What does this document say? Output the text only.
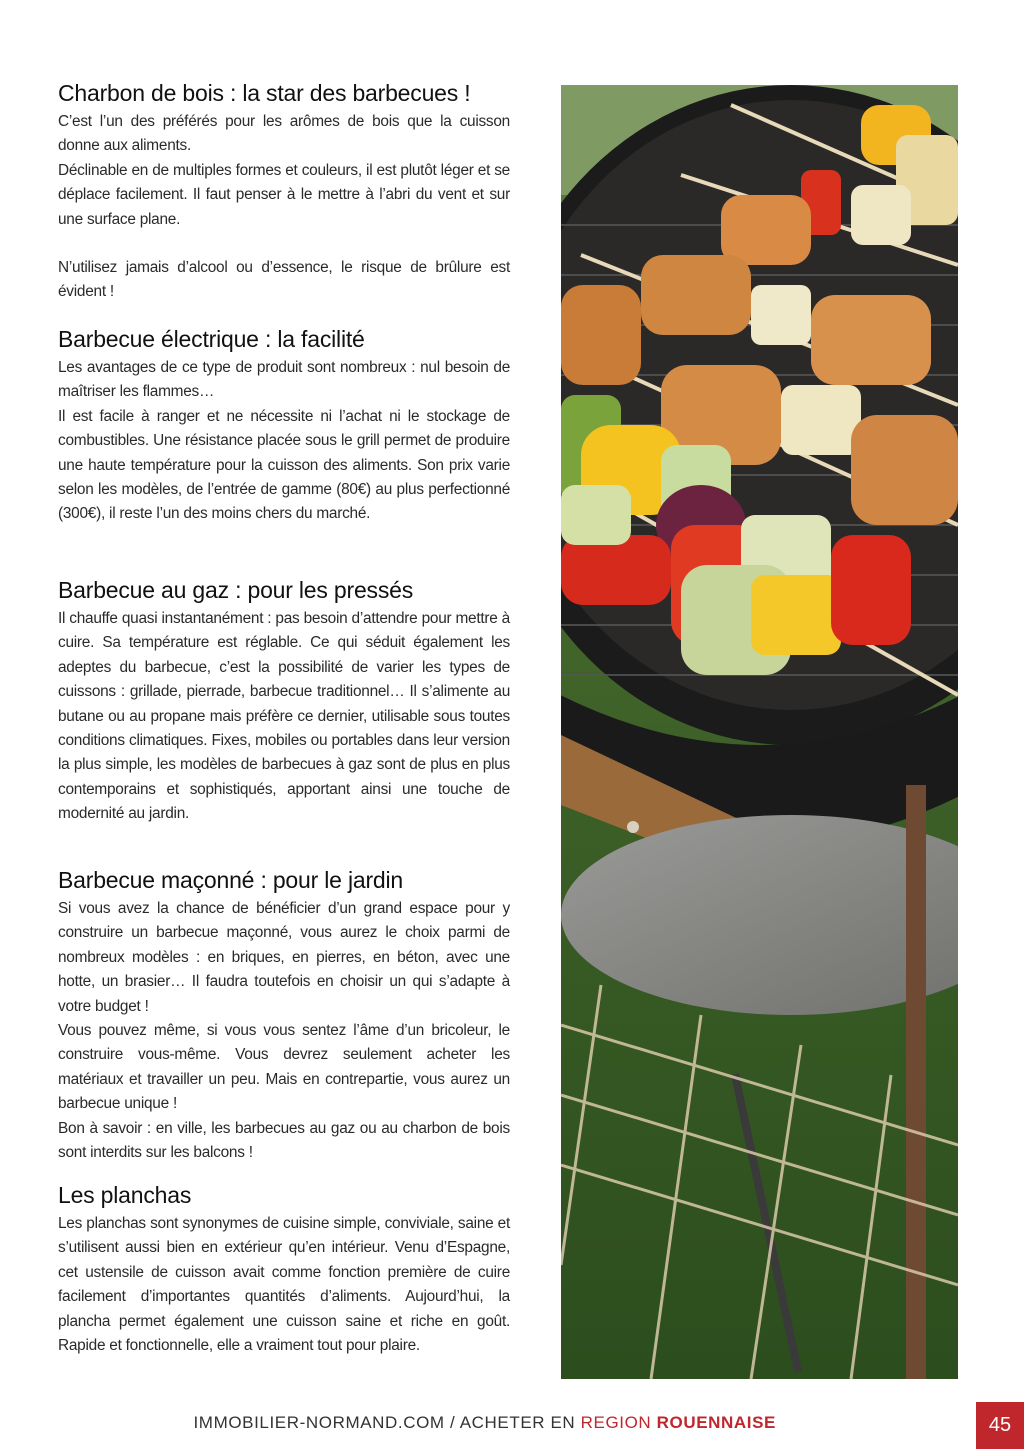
Charbon de bois : la star des barbecues !

C’est l’un des préférés pour les arômes de bois que la cuisson donne aux aliments.

Déclinable en de multiples formes et couleurs, il est plutôt léger et se déplace facilement. Il faut penser à le mettre à l’abri du vent et sur une surface plane.

N’utilisez jamais d’alcool ou d’essence, le risque de brûlure est évident !

Barbecue électrique : la facilité

Les avantages de ce type de produit sont nombreux : nul besoin de maîtriser les flammes…

Il est facile à ranger et ne nécessite ni l’achat ni le stockage de combustibles. Une résistance placée sous le grill permet de produire une haute température pour la cuisson des aliments. Son prix varie selon les modèles, de l’entrée de gamme (80€) au plus perfectionné (300€), il reste l’un des moins chers du marché.

Barbecue au gaz : pour les pressés

Il chauffe quasi instantanément : pas besoin d’attendre pour mettre à cuire. Sa température est réglable. Ce qui séduit également les adeptes du barbecue, c’est la possibilité de varier les types de cuissons : grillade, pierrade, barbecue traditionnel… Il s’alimente au butane ou au propane mais préfère ce dernier, utilisable sous toutes conditions climatiques. Fixes, mobiles ou portables dans leur version la plus simple, les modèles de barbecues à gaz sont de plus en plus contemporains et sophistiqués, apportant ainsi une touche de modernité au jardin.

Barbecue maçonné : pour le jardin

Si vous avez la chance de bénéficier d’un grand espace pour y construire un barbecue maçonné, vous aurez le choix parmi de nombreux modèles : en briques, en pierres, en béton, avec une hotte, un brasier… Il faudra toutefois en choisir un qui s’adapte à votre budget !

Vous pouvez même, si vous vous sentez l’âme d’un bricoleur, le construire vous-même. Vous devrez seulement acheter les matériaux et travailler un peu. Mais en contrepartie, vous aurez un barbecue unique !

Bon à savoir : en ville, les barbecues au gaz ou au charbon de bois sont interdits sur les balcons !

Les planchas

Les planchas sont synonymes de cuisine simple, conviviale, saine et s’utilisent aussi bien en extérieur qu’en intérieur. Venu d’Espagne, cet ustensile de cuisson avait comme fonction première de cuire facilement d’importantes quantités d’aliments. Aujourd’hui, la plancha permet également une cuisson saine et riche en goût. Rapide et fonctionnelle, elle a vraiment tout pour plaire.

IMMOBILIER-NORMAND.COM / ACHETER EN REGION ROUENNAISE	45
